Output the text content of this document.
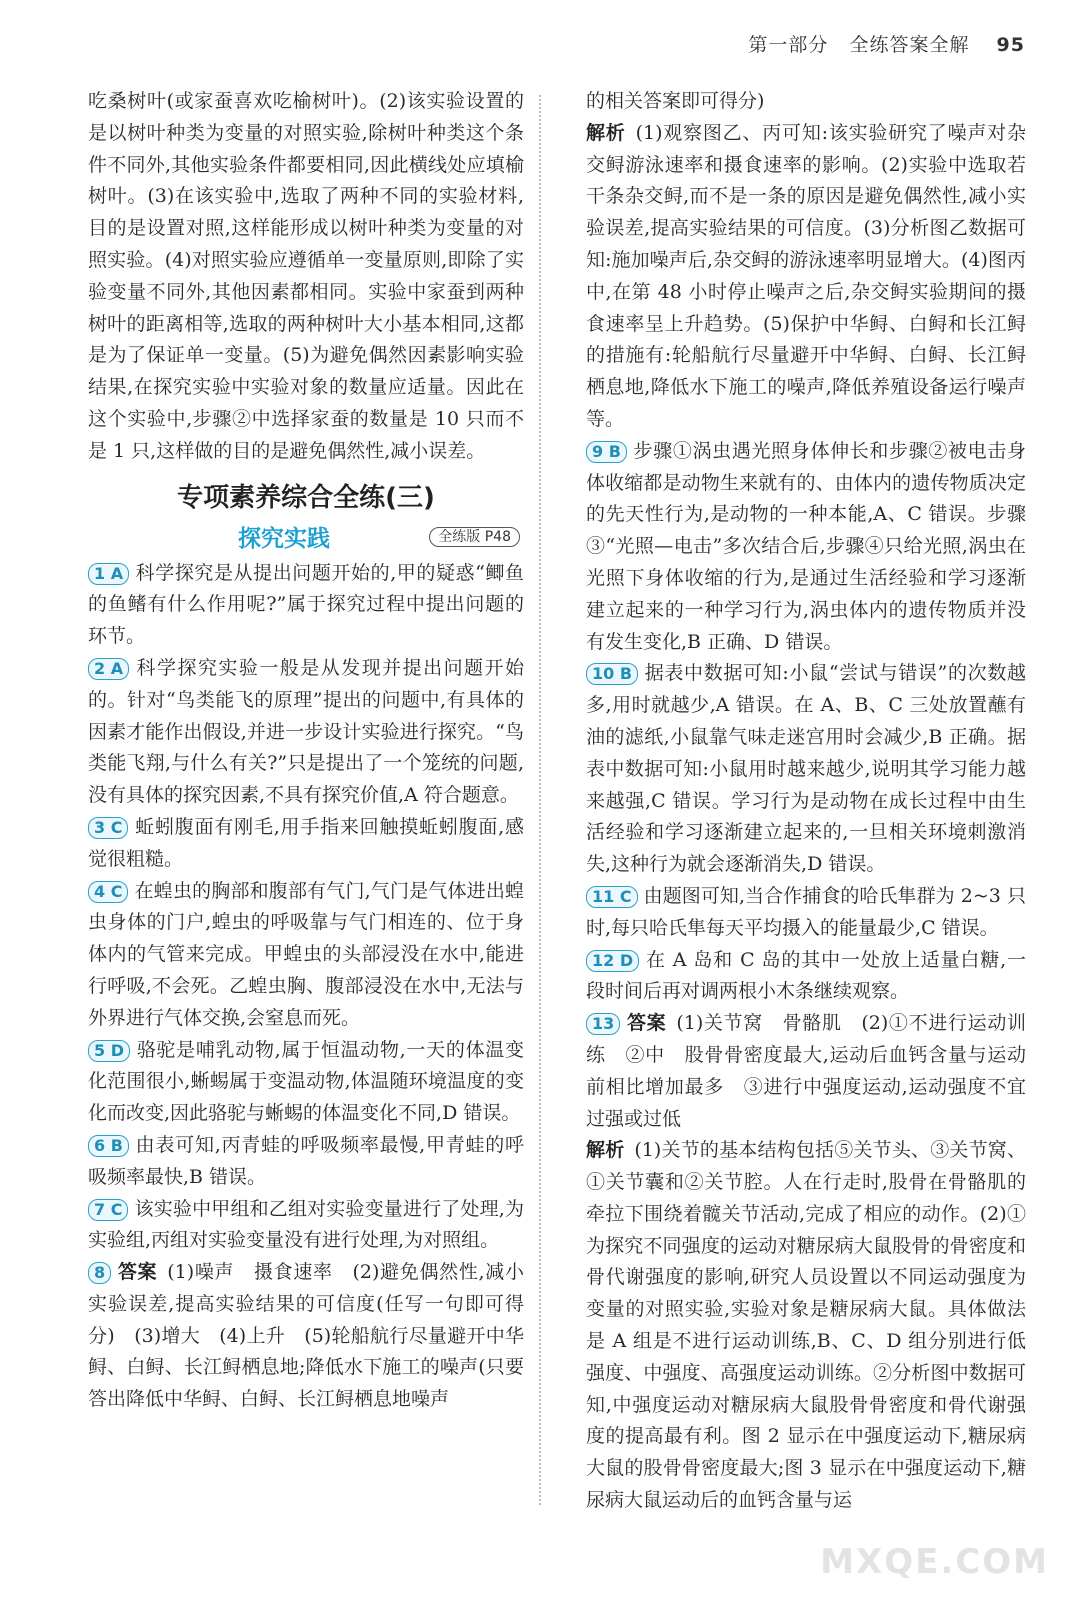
第一部分 全练答案全解 95

吃桑树叶(或家蚕喜欢吃榆树叶)。(2)该实验设置的是以树叶种类为变量的对照实验,除树叶种类这个条件不同外,其他实验条件都要相同,因此横线处应填榆树叶。(3)在该实验中,选取了两种不同的实验材料,目的是设置对照,这样能形成以树叶种类为变量的对照实验。(4)对照实验应遵循单一变量原则,即除了实验变量不同外,其他因素都相同。实验中家蚕到两种树叶的距离相等,选取的两种树叶大小基本相同,这都是为了保证单一变量。(5)为避免偶然因素影响实验结果,在探究实验中实验对象的数量应适量。因此在这个实验中,步骤②中选择家蚕的数量是 10 只而不是 1 只,这样做的目的是避免偶然性,减小误差。

专项素养综合全练(三)
探究实践	全练版 P48

1 A 科学探究是从提出问题开始的,甲的疑惑“鲫鱼的鱼鳍有什么作用呢?”属于探究过程中提出问题的环节。

2 A 科学探究实验一般是从发现并提出问题开始的。针对“鸟类能飞的原理”提出的问题中,有具体的因素才能作出假设,并进一步设计实验进行探究。“鸟类能飞翔,与什么有关?”只是提出了一个笼统的问题,没有具体的探究因素,不具有探究价值,A 符合题意。

3 C 蚯蚓腹面有刚毛,用手指来回触摸蚯蚓腹面,感觉很粗糙。

4 C 在蝗虫的胸部和腹部有气门,气门是气体进出蝗虫身体的门户,蝗虫的呼吸靠与气门相连的、位于身体内的气管来完成。甲蝗虫的头部浸没在水中,能进行呼吸,不会死。乙蝗虫胸、腹部浸没在水中,无法与外界进行气体交换,会窒息而死。

5 D 骆驼是哺乳动物,属于恒温动物,一天的体温变化范围很小,蜥蜴属于变温动物,体温随环境温度的变化而改变,因此骆驼与蜥蜴的体温变化不同,D 错误。

6 B 由表可知,丙青蛙的呼吸频率最慢,甲青蛙的呼吸频率最快,B 错误。

7 C 该实验中甲组和乙组对实验变量进行了处理,为实验组,丙组对实验变量没有进行处理,为对照组。

8 答案 (1)噪声　摄食速率　(2)避免偶然性,减小实验误差,提高实验结果的可信度(任写一句即可得分)　(3)增大　(4)上升　(5)轮船航行尽量避开中华鲟、白鲟、长江鲟栖息地;降低水下施工的噪声(只要答出降低中华鲟、白鲟、长江鲟栖息地噪声

的相关答案即可得分)

解析 (1)观察图乙、丙可知:该实验研究了噪声对杂交鲟游泳速率和摄食速率的影响。(2)实验中选取若干条杂交鲟,而不是一条的原因是避免偶然性,减小实验误差,提高实验结果的可信度。(3)分析图乙数据可知:施加噪声后,杂交鲟的游泳速率明显增大。(4)图丙中,在第 48 小时停止噪声之后,杂交鲟实验期间的摄食速率呈上升趋势。(5)保护中华鲟、白鲟和长江鲟的措施有:轮船航行尽量避开中华鲟、白鲟、长江鲟栖息地,降低水下施工的噪声,降低养殖设备运行噪声等。

9 B 步骤①涡虫遇光照身体伸长和步骤②被电击身体收缩都是动物生来就有的、由体内的遗传物质决定的先天性行为,是动物的一种本能,A、C 错误。步骤③“光照—电击”多次结合后,步骤④只给光照,涡虫在光照下身体收缩的行为,是通过生活经验和学习逐渐建立起来的一种学习行为,涡虫体内的遗传物质并没有发生变化,B 正确、D 错误。

10 B 据表中数据可知:小鼠“尝试与错误”的次数越多,用时就越少,A 错误。在 A、B、C 三处放置蘸有油的滤纸,小鼠靠气味走迷宫用时会减少,B 正确。据表中数据可知:小鼠用时越来越少,说明其学习能力越来越强,C 错误。学习行为是动物在成长过程中由生活经验和学习逐渐建立起来的,一旦相关环境刺激消失,这种行为就会逐渐消失,D 错误。

11 C 由题图可知,当合作捕食的哈氏隼群为 2~3 只时,每只哈氏隼每天平均摄入的能量最少,C 错误。

12 D 在 A 岛和 C 岛的其中一处放上适量白糖,一段时间后再对调两根小木条继续观察。

13 答案 (1)关节窝　骨骼肌　(2)①不进行运动训练　②中　股骨骨密度最大,运动后血钙含量与运动前相比增加最多　③进行中强度运动,运动强度不宜过强或过低

解析 (1)关节的基本结构包括⑤关节头、③关节窝、①关节囊和②关节腔。人在行走时,股骨在骨骼肌的牵拉下围绕着髋关节活动,完成了相应的动作。(2)①为探究不同强度的运动对糖尿病大鼠股骨的骨密度和骨代谢强度的影响,研究人员设置以不同运动强度为变量的对照实验,实验对象是糖尿病大鼠。具体做法是 A 组是不进行运动训练,B、C、D 组分别进行低强度、中强度、高强度运动训练。②分析图中数据可知,中强度运动对糖尿病大鼠股骨骨密度和骨代谢强度的提高最有利。图 2 显示在中强度运动下,糖尿病大鼠的股骨骨密度最大;图 3 显示在中强度运动下,糖尿病大鼠运动后的血钙含量与运

MXQE.COM
